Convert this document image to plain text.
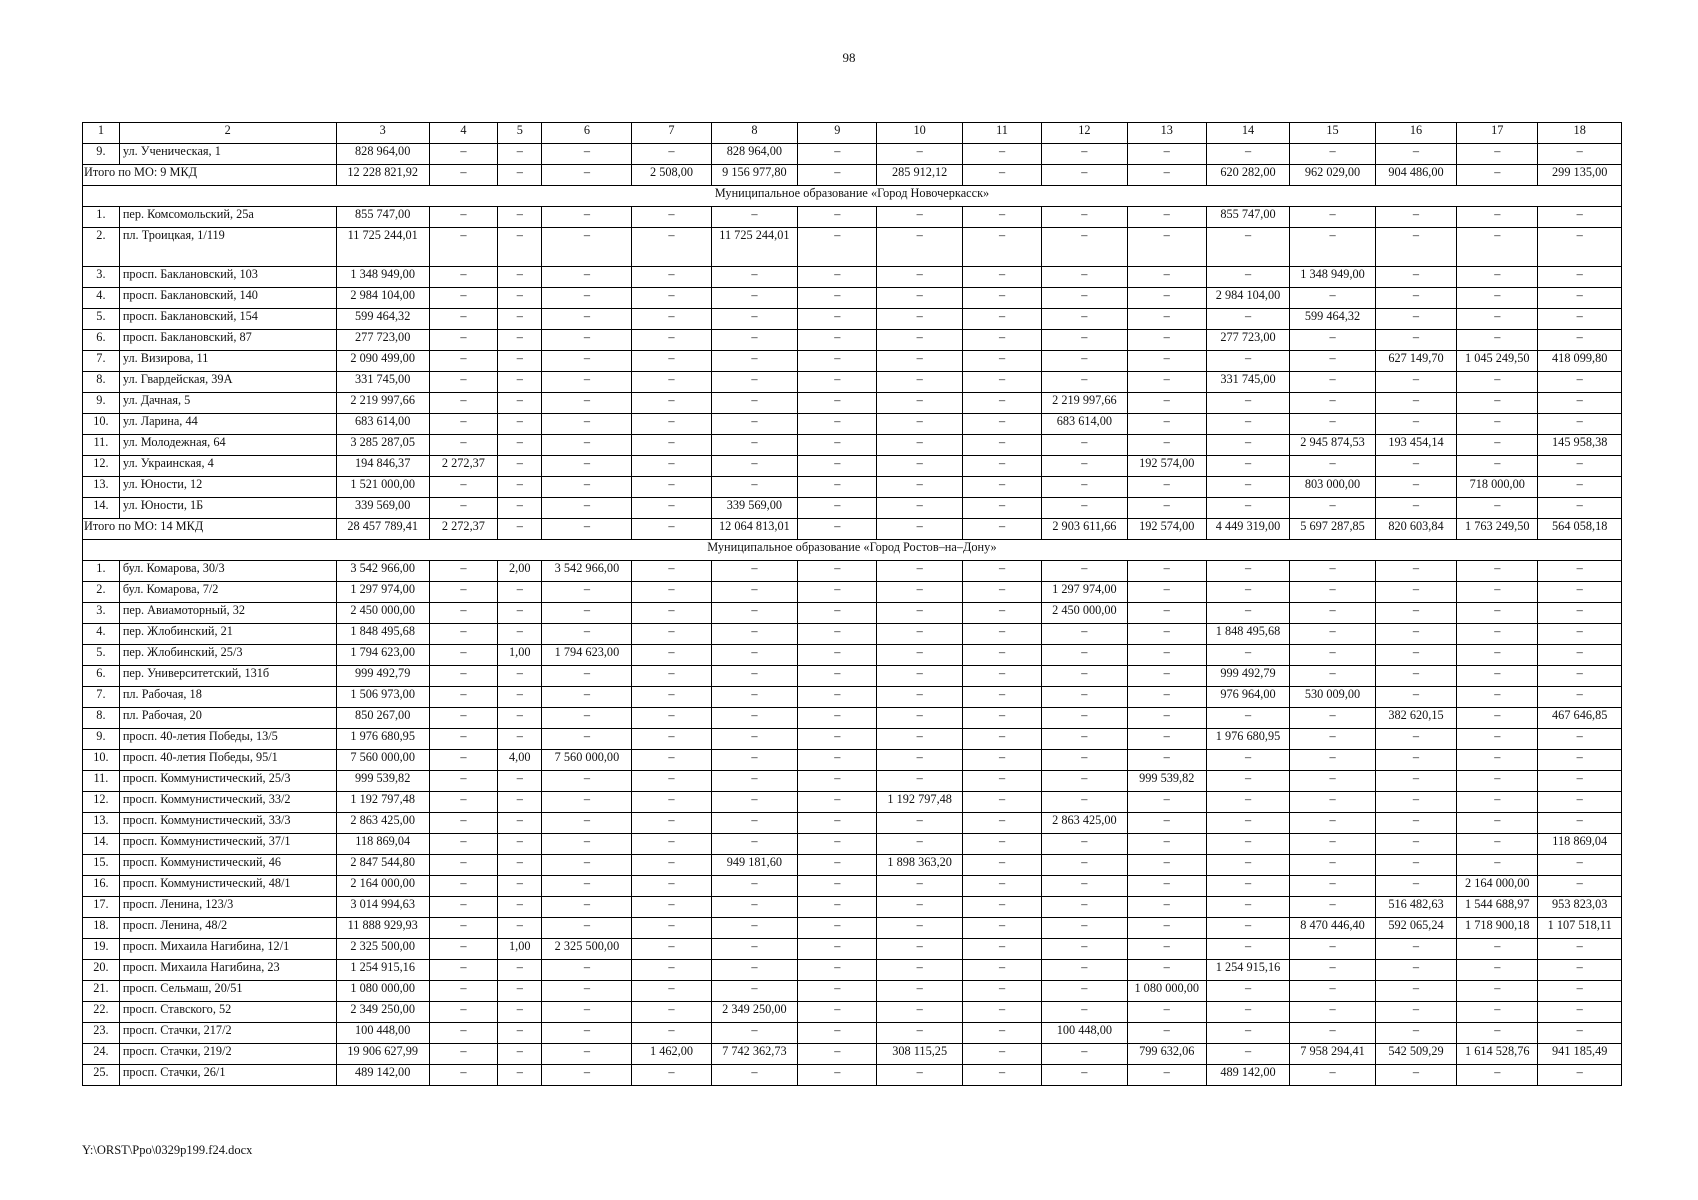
98
1	2	3	4	5	6	7	8	9	10	11	12	13	14	15	16	17	18
9.	ул. Ученическая, 1	828 964,00	–	–	–	–	828 964,00	–	–	–	–	–	–	–	–	–	–
Итого по МО: 9 МКД		12 228 821,92	–	–	–	2 508,00	9 156 977,80	–	285 912,12	–	–	–	620 282,00	962 029,00	904 486,00	–	299 135,00
Муниципальное образование «Город Новочеркасск»																	
1.	пер. Комсомольский, 25а	855 747,00	–	–	–	–	–	–	–	–	–	–	855 747,00	–	–	–	–
2.	пл. Троицкая, 1/119	11 725 244,01	–	–	–	–	11 725 244,01	–	–	–	–	–	–	–	–	–	–
3.	просп. Баклановский, 103	1 348 949,00	–	–	–	–	–	–	–	–	–	–	–	1 348 949,00	–	–	–
4.	просп. Баклановский, 140	2 984 104,00	–	–	–	–	–	–	–	–	–	–	2 984 104,00	–	–	–	–
5.	просп. Баклановский, 154	599 464,32	–	–	–	–	–	–	–	–	–	–	–	599 464,32	–	–	–
6.	просп. Баклановский, 87	277 723,00	–	–	–	–	–	–	–	–	–	–	277 723,00	–	–	–	–
7.	ул. Визирова, 11	2 090 499,00	–	–	–	–	–	–	–	–	–	–	–	–	627 149,70	1 045 249,50	418 099,80
8.	ул. Гвардейская, 39А	331 745,00	–	–	–	–	–	–	–	–	–	–	331 745,00	–	–	–	–
9.	ул. Дачная, 5	2 219 997,66	–	–	–	–	–	–	–	–	2 219 997,66	–	–	–	–	–	–
10.	ул. Ларина, 44	683 614,00	–	–	–	–	–	–	–	–	683 614,00	–	–	–	–	–	–
11.	ул. Молодежная, 64	3 285 287,05	–	–	–	–	–	–	–	–	–	–	–	2 945 874,53	193 454,14	–	145 958,38
12.	ул. Украинская, 4	194 846,37	2 272,37	–	–	–	–	–	–	–	–	192 574,00	–	–	–	–	–
13.	ул. Юности, 12	1 521 000,00	–	–	–	–	–	–	–	–	–	–	–	803 000,00	–	718 000,00	–
14.	ул. Юности, 1Б	339 569,00	–	–	–	–	339 569,00	–	–	–	–	–	–	–	–	–	–
Итого по МО: 14 МКД		28 457 789,41	2 272,37	–	–	–	12 064 813,01	–	–	–	2 903 611,66	192 574,00	4 449 319,00	5 697 287,85	820 603,84	1 763 249,50	564 058,18
Муниципальное образование «Город Ростов–на–Дону»																	
1.	бул. Комарова, 30/3	3 542 966,00	–	2,00	3 542 966,00	–	–	–	–	–	–	–	–	–	–	–	–
2.	бул. Комарова, 7/2	1 297 974,00	–	–	–	–	–	–	–	–	1 297 974,00	–	–	–	–	–	–
3.	пер. Авиамоторный, 32	2 450 000,00	–	–	–	–	–	–	–	–	2 450 000,00	–	–	–	–	–	–
4.	пер. Жлобинский, 21	1 848 495,68	–	–	–	–	–	–	–	–	–	–	1 848 495,68	–	–	–	–
5.	пер. Жлобинский, 25/3	1 794 623,00	–	1,00	1 794 623,00	–	–	–	–	–	–	–	–	–	–	–	–
6.	пер. Университетский, 131б	999 492,79	–	–	–	–	–	–	–	–	–	–	999 492,79	–	–	–	–
7.	пл. Рабочая, 18	1 506 973,00	–	–	–	–	–	–	–	–	–	–	976 964,00	530 009,00	–	–	–
8.	пл. Рабочая, 20	850 267,00	–	–	–	–	–	–	–	–	–	–	–	–	382 620,15	–	467 646,85
9.	просп. 40-летия Победы, 13/5	1 976 680,95	–	–	–	–	–	–	–	–	–	–	1 976 680,95	–	–	–	–
10.	просп. 40-летия Победы, 95/1	7 560 000,00	–	4,00	7 560 000,00	–	–	–	–	–	–	–	–	–	–	–	–
11.	просп. Коммунистический, 25/3	999 539,82	–	–	–	–	–	–	–	–	–	999 539,82	–	–	–	–	–
12.	просп. Коммунистический, 33/2	1 192 797,48	–	–	–	–	–	–	1 192 797,48	–	–	–	–	–	–	–	–
13.	просп. Коммунистический, 33/3	2 863 425,00	–	–	–	–	–	–	–	–	2 863 425,00	–	–	–	–	–	–
14.	просп. Коммунистический, 37/1	118 869,04	–	–	–	–	–	–	–	–	–	–	–	–	–	–	118 869,04
15.	просп. Коммунистический, 46	2 847 544,80	–	–	–	–	949 181,60	–	1 898 363,20	–	–	–	–	–	–	–	–
16.	просп. Коммунистический, 48/1	2 164 000,00	–	–	–	–	–	–	–	–	–	–	–	–	–	2 164 000,00	–
17.	просп. Ленина, 123/3	3 014 994,63	–	–	–	–	–	–	–	–	–	–	–	–	516 482,63	1 544 688,97	953 823,03
18.	просп. Ленина, 48/2	11 888 929,93	–	–	–	–	–	–	–	–	–	–	–	8 470 446,40	592 065,24	1 718 900,18	1 107 518,11
19.	просп. Михаила Нагибина, 12/1	2 325 500,00	–	1,00	2 325 500,00	–	–	–	–	–	–	–	–	–	–	–	–
20.	просп. Михаила Нагибина, 23	1 254 915,16	–	–	–	–	–	–	–	–	–	–	1 254 915,16	–	–	–	–
21.	просп. Сельмаш, 20/51	1 080 000,00	–	–	–	–	–	–	–	–	–	1 080 000,00	–	–	–	–	–
22.	просп. Ставского, 52	2 349 250,00	–	–	–	–	2 349 250,00	–	–	–	–	–	–	–	–	–	–
23.	просп. Стачки, 217/2	100 448,00	–	–	–	–	–	–	–	–	100 448,00	–	–	–	–	–	–
24.	просп. Стачки, 219/2	19 906 627,99	–	–	–	1 462,00	7 742 362,73	–	308 115,25	–	–	799 632,06	–	7 958 294,41	542 509,29	1 614 528,76	941 185,49
25.	просп. Стачки, 26/1	489 142,00	–	–	–	–	–	–	–	–	–	–	489 142,00	–	–	–	–
Y:\ORST\Ppo\0329p199.f24.docx
